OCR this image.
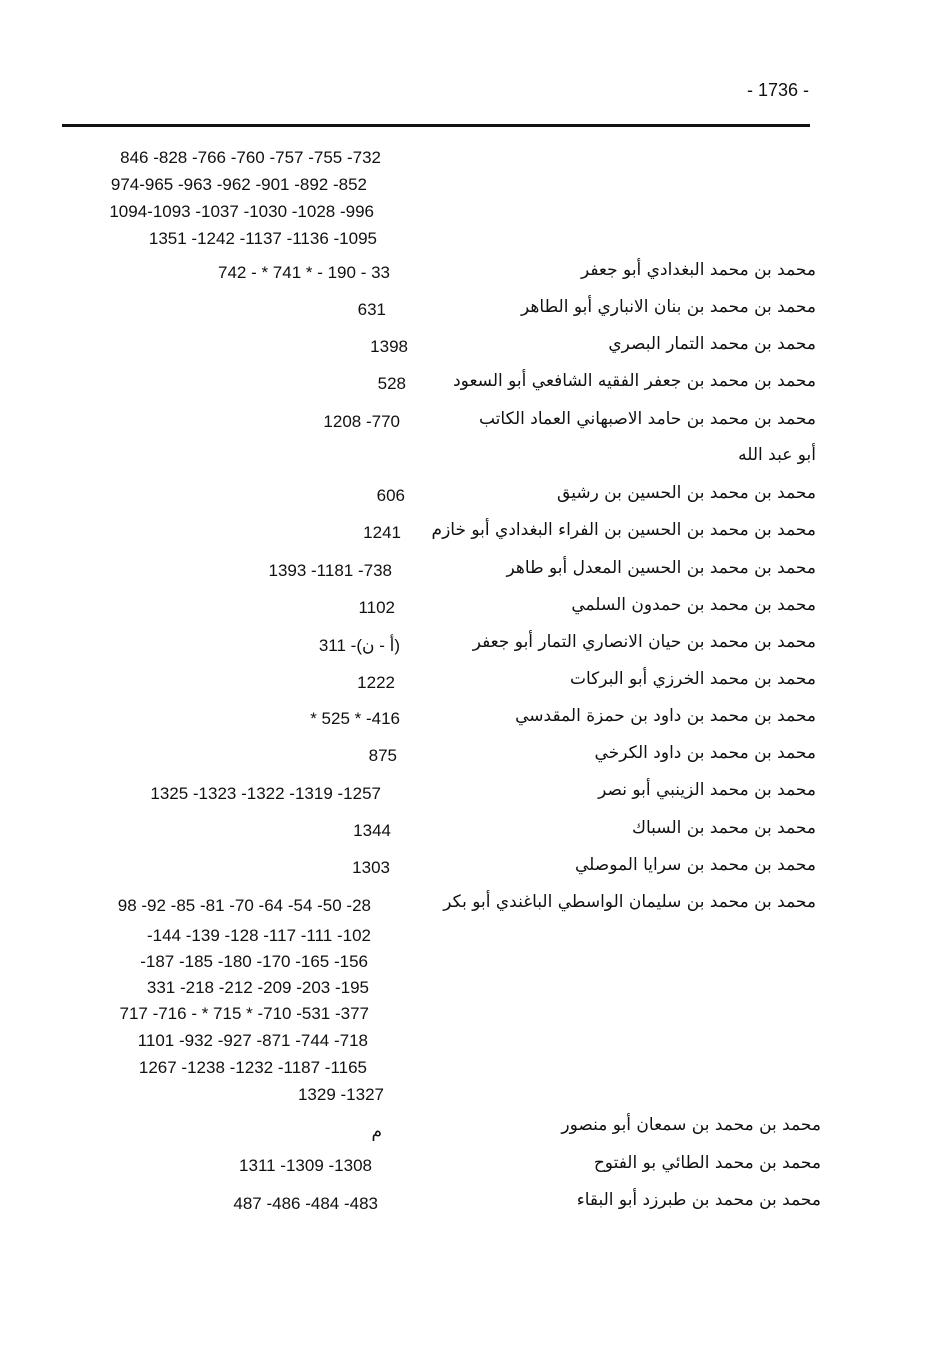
- 1736 -
846 -828 -766 -760 -757 -755 -732
974-965 -963 -962 -901 -892 -852
1094-1093 -1037 -1030 -1028 -996
1351 -1242 -1137 -1136 -1095
محمد بن محمد البغدادي أبو جعفر
742 - * 741 * - 190 - 33
محمد بن محمد بن بنان الانباري أبو الطاهر
631
محمد بن محمد التمار البصري
1398
محمد بن محمد بن جعفر الفقيه الشافعي أبو السعود
528
محمد بن محمد بن حامد الاصبهاني العماد الكاتب
1208 -770
أبو عبد الله
محمد بن محمد بن الحسين بن رشيق
606
محمد بن محمد بن الحسين بن الفراء البغدادي أبو خازم
1241
محمد بن محمد بن الحسين المعدل أبو طاهر
1393 -1181 -738
محمد بن محمد بن حمدون السلمي
1102
محمد بن محمد بن حيان الانصاري التمار أبو جعفر
311 -(أ - ن)
محمد بن محمد الخرزي أبو البركات
1222
محمد بن محمد بن داود بن حمزة المقدسي
* 525 * -416
محمد بن محمد بن داود الكرخي
875
محمد بن محمد الزينبي أبو نصر
1325 -1323 -1322 -1319 -1257
محمد بن محمد بن السباك
1344
محمد بن محمد بن سرايا الموصلي
1303
محمد بن محمد بن سليمان الواسطي الباغندي أبو بكر
98 -92 -85 -81 -70 -64 -54 -50 -28
-144 -139 -128 -117 -111 -102
-187 -185 -180 -170 -165 -156
331 -218 -212 -209 -203 -195
717 -716 - * 715 * -710 -531 -377
1101 -932 -927 -871 -744 -718
1267 -1238 -1232 -1187 -1165
1329 -1327
محمد بن محمد بن سمعان أبو منصور
م
محمد بن محمد الطائي بو الفتوح
1311 -1309 -1308
محمد بن محمد بن طبرزد أبو البقاء
487 -486 -484 -483
